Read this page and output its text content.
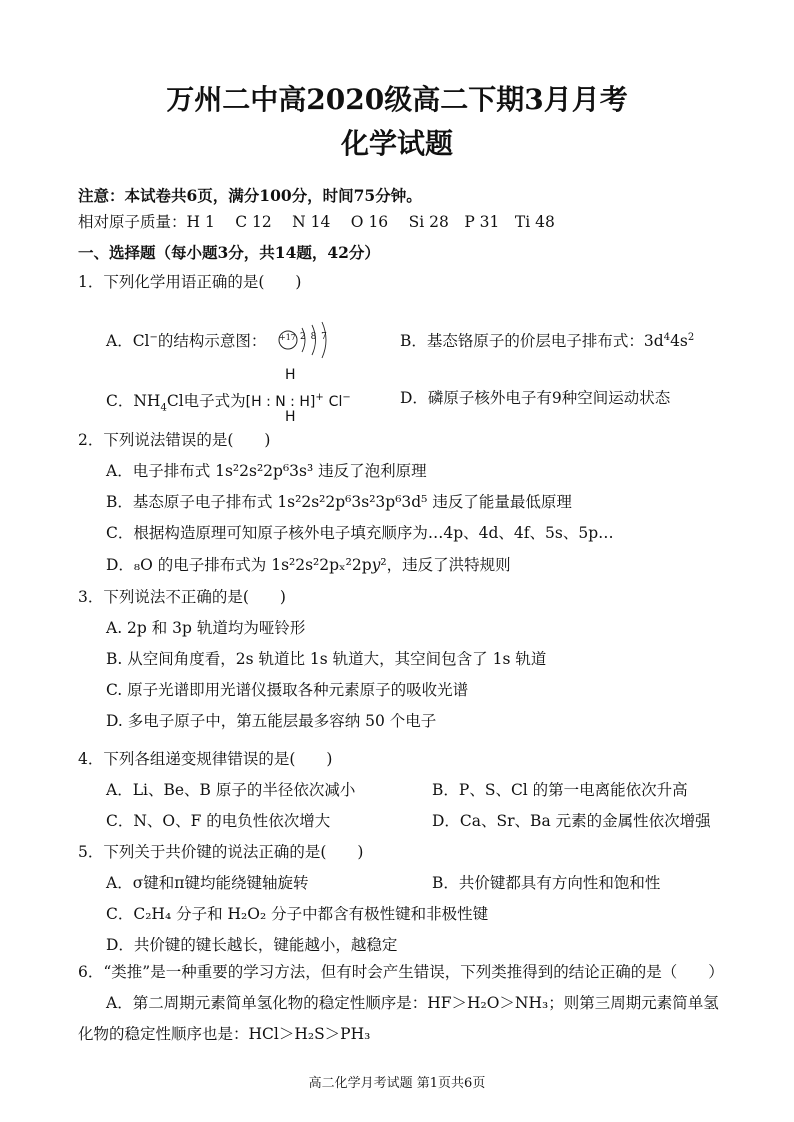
万州二中高2020级高二下期3月月考
化学试题
注意：本试卷共6页，满分100分，时间75分钟。
相对原子质量：H 1　 C 12　 N 14　 O 16　 Si 28　P 31　Ti 48
一、选择题（每小题3分，共14题，42分）
1．下列化学用语正确的是(　　)
A．Cl−的结构示意图： +17 2 8 7	B．基态铬原子的价层电子排布式：$3d^44s^2$
C．$NH_4Cl$电子式为[H : N : H]+ Cl−
H
H
D．磷原子核外电子有9种空间运动状态
2．下列说法错误的是(　　)
A．电子排布式 1s²2s²2p⁶3s³ 违反了泡利原理
B．基态原子电子排布式 1s²2s²2p⁶3s²3p⁶3d⁵ 违反了能量最低原理
C．根据构造原理可知原子核外电子填充顺序为…4p、4d、4f、5s、5p…
D．₈O 的电子排布式为 1s²2s²2pₓ²2p𝑦²，违反了洪特规则
3．下列说法不正确的是(　　)
A. 2p 和 3p 轨道均为哑铃形
B. 从空间角度看，2s 轨道比 1s 轨道大，其空间包含了 1s 轨道
C. 原子光谱即用光谱仪摄取各种元素原子的吸收光谱
D. 多电子原子中，第五能层最多容纳 50 个电子
4．下列各组递变规律错误的是(　　)
A．Li、Be、B 原子的半径依次减小	B．P、S、Cl 的第一电离能依次升高
C．N、O、F 的电负性依次增大	D．Ca、Sr、Ba 元素的金属性依次增强
5．下列关于共价键的说法正确的是(　　)
A．σ键和π键均能绕键轴旋转	B．共价键都具有方向性和饱和性
C．C₂H₄ 分子和 H₂O₂ 分子中都含有极性键和非极性键
D．共价键的键长越长，键能越小，越稳定
6．“类推”是一种重要的学习方法，但有时会产生错误，下列类推得到的结论正确的是（　　）
A．第二周期元素简单氢化物的稳定性顺序是：HF＞H₂O＞NH₃；则第三周期元素简单氢
化物的稳定性顺序也是：HCl＞H₂S＞PH₃
高二化学月考试题 第1页共6页
